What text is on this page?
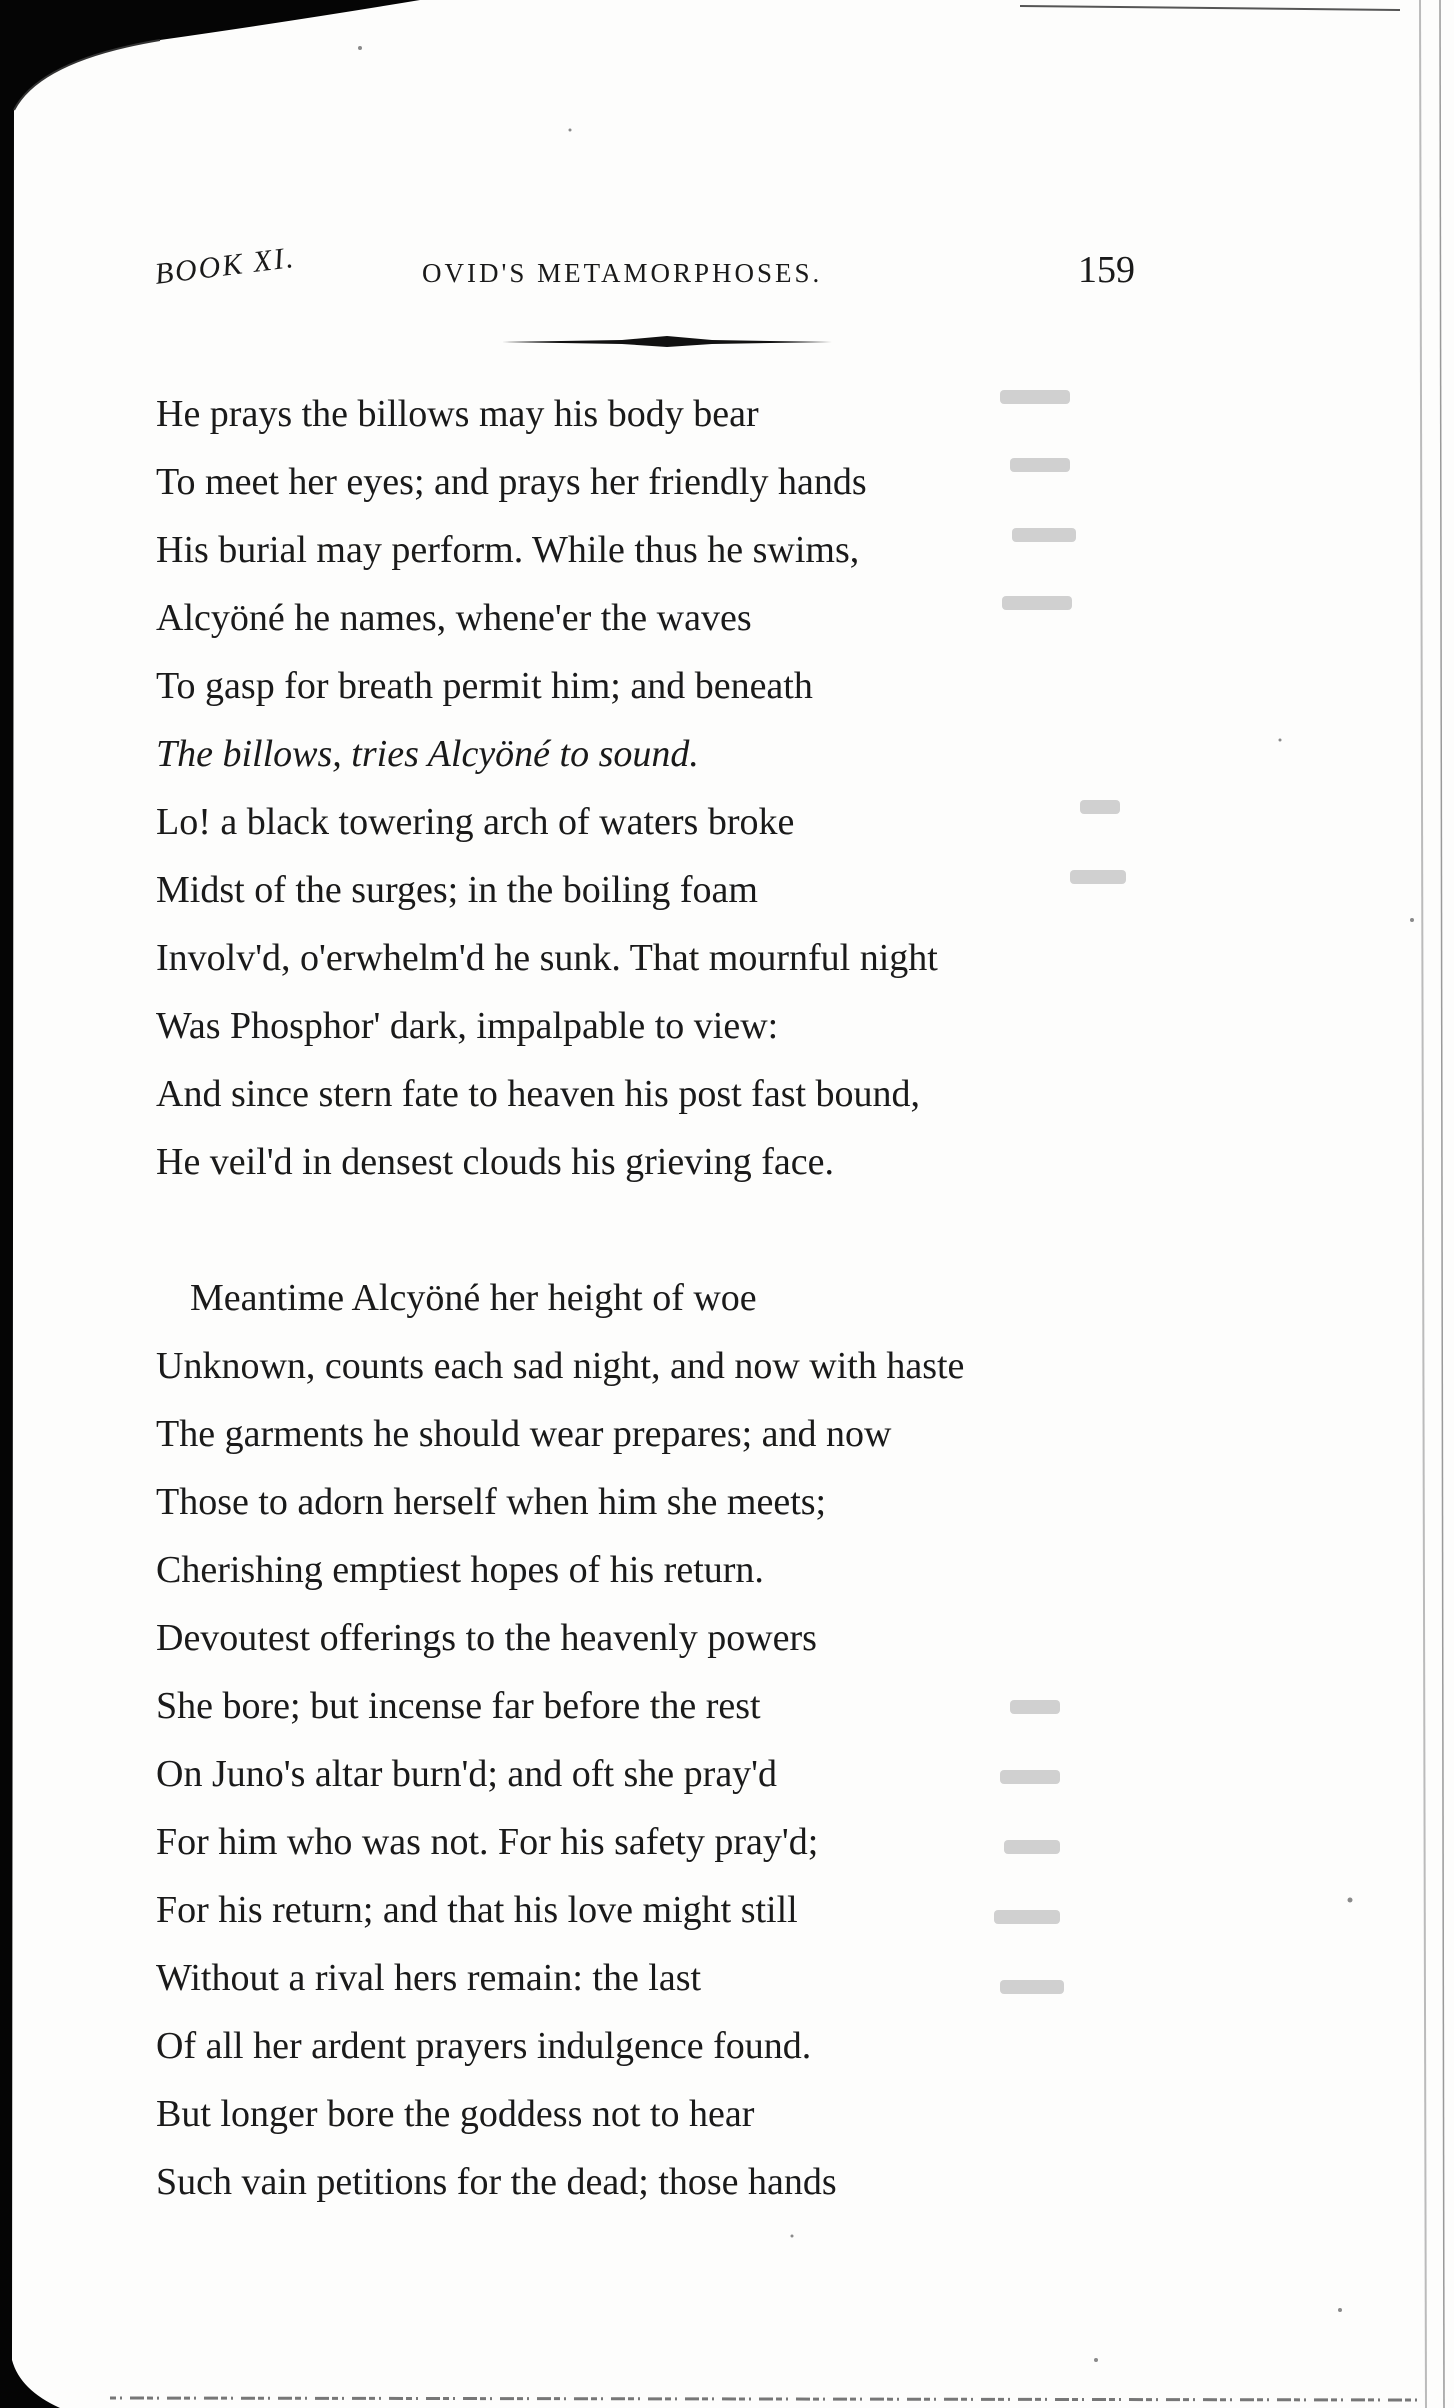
BOOK XI.	OVID'S METAMORPHOSES.	159
He prays the billows may his body bear
To meet her eyes; and prays her friendly hands
His burial may perform. While thus he swims,
Alcyöné he names, whene'er the waves
To gasp for breath permit him; and beneath
The billows, tries Alcyöné to sound.
Lo! a black towering arch of waters broke
Midst of the surges; in the boiling foam
Involv'd, o'erwhelm'd he sunk. That mournful night
Was Phosphor' dark, impalpable to view:
And since stern fate to heaven his post fast bound,
He veil'd in densest clouds his grieving face.
Meantime Alcyöné her height of woe
Unknown, counts each sad night, and now with haste
The garments he should wear prepares; and now
Those to adorn herself when him she meets;
Cherishing emptiest hopes of his return.
Devoutest offerings to the heavenly powers
She bore; but incense far before the rest
On Juno's altar burn'd; and oft she pray'd
For him who was not. For his safety pray'd;
For his return; and that his love might still
Without a rival hers remain: the last
Of all her ardent prayers indulgence found.
But longer bore the goddess not to hear
Such vain petitions for the dead; those hands
